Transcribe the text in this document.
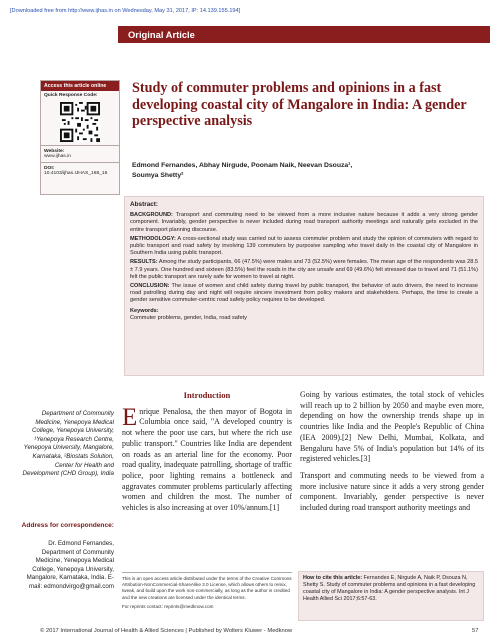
[Downloaded free from http://www.ijhas.in on Wednesday, May 31, 2017, IP: 14.139.155.194]
Original Article
Access this article online
Quick Response Code:
Website:
www.ijhas.in
DOI:
10.4103/ijhas.IJHAS_168_16
Study of commuter problems and opinions in a fast developing coastal city of Mangalore in India: A gender perspective analysis
Edmond Fernandes, Abhay Nirgude, Poonam Naik, Neevan Dsouza¹,
Soumya Shetty²
Abstract:

BACKGROUND: Transport and commuting need to be viewed from a more inclusive nature because it adds a very strong gender component. Invariably, gender perspective is never included during road transport authority meetings and naturally gets excluded in the entire transport planning discourse.

METHODOLOGY: A cross-sectional study was carried out to assess commuter problem and study the opinion of commuters with regard to public transport and road safety by involving 139 commuters by purposive sampling who travel daily in the coastal city of Mangalore in Southern India using public transport.

RESULTS: Among the study participants, 66 (47.5%) were males and 73 (52.5%) were females. The mean age of the respondents was 28.5 ± 7.9 years. One hundred and sixteen (83.5%) feel the roads in the city are unsafe and 69 (49.6%) felt stressed due to travel and 71 (51.1%) felt the public transport are rarely safe for women to travel at night.

CONCLUSION: The issue of women and child safety during travel by public transport, the behavior of auto drivers, the need to increase road patrolling during day and night will require sincere investment from policy makers and stakeholders. Perhaps, the time to create a gender sensitive commuter-centric road safety policy requires to be developed.

Keywords:
Commuter problems, gender, India, road safety
Department of Community Medicine, Yenepoya Medical College, Yenepoya University, ¹Yenepoya Research Centre, Yenepoya University, Mangalore, Karnataka, ²Biostats Solution, Center for Health and Development (CHD Group), India
Address for correspondence:
Dr. Edmond Fernandes, Department of Community Medicine, Yenepoya Medical College, Yenepoya University, Mangalore, Karnataka, India. E-mail: edmondvirgo@gmail.com
Introduction

Enrique Penalosa, the then mayor of Bogota in Columbia once said, "A developed country is not where the poor use cars, but where the rich use public transport." Countries like India are dependent on roads as an arterial line for the economy. Poor road quality, inadequate patrolling, shortage of traffic police, poor lighting remains a bottleneck and aggravates commuter problems particularly affecting women and children the most. The number of vehicles is also increasing at over 10%/annum.[1]

Going by various estimates, the total stock of vehicles will reach up to 2 billion by 2050 and maybe even more, depending on how the ownership trends shape up in countries like India and the People's Republic of China (IEA 2009).[2] New Delhi, Mumbai, Kolkata, and Bengaluru have 5% of India's population but 14% of its registered vehicles.[3]

Transport and commuting needs to be viewed from a more inclusive nature since it adds a very strong gender component. Invariably, gender perspective is never included during road transport authority meetings and

This is an open access article distributed under the terms of the Creative Commons Attribution-NonCommercial-ShareAlike 3.0 License, which allows others to remix, tweak, and build upon the work non-commercially, as long as the author is credited and the new creations are licensed under the identical terms.
For reprints contact: reprints@medknow.com
How to cite this article: Fernandes E, Nirgude A, Naik P, Dsouza N, Shetty S. Study of commuter problems and opinions in a fast developing coastal city of Mangalore in India: A gender perspective analysis. Int J Health Allied Sci 2017;6:57-63.
© 2017 International Journal of Health & Allied Sciences | Published by Wolters Kluwer - Medknow	57
